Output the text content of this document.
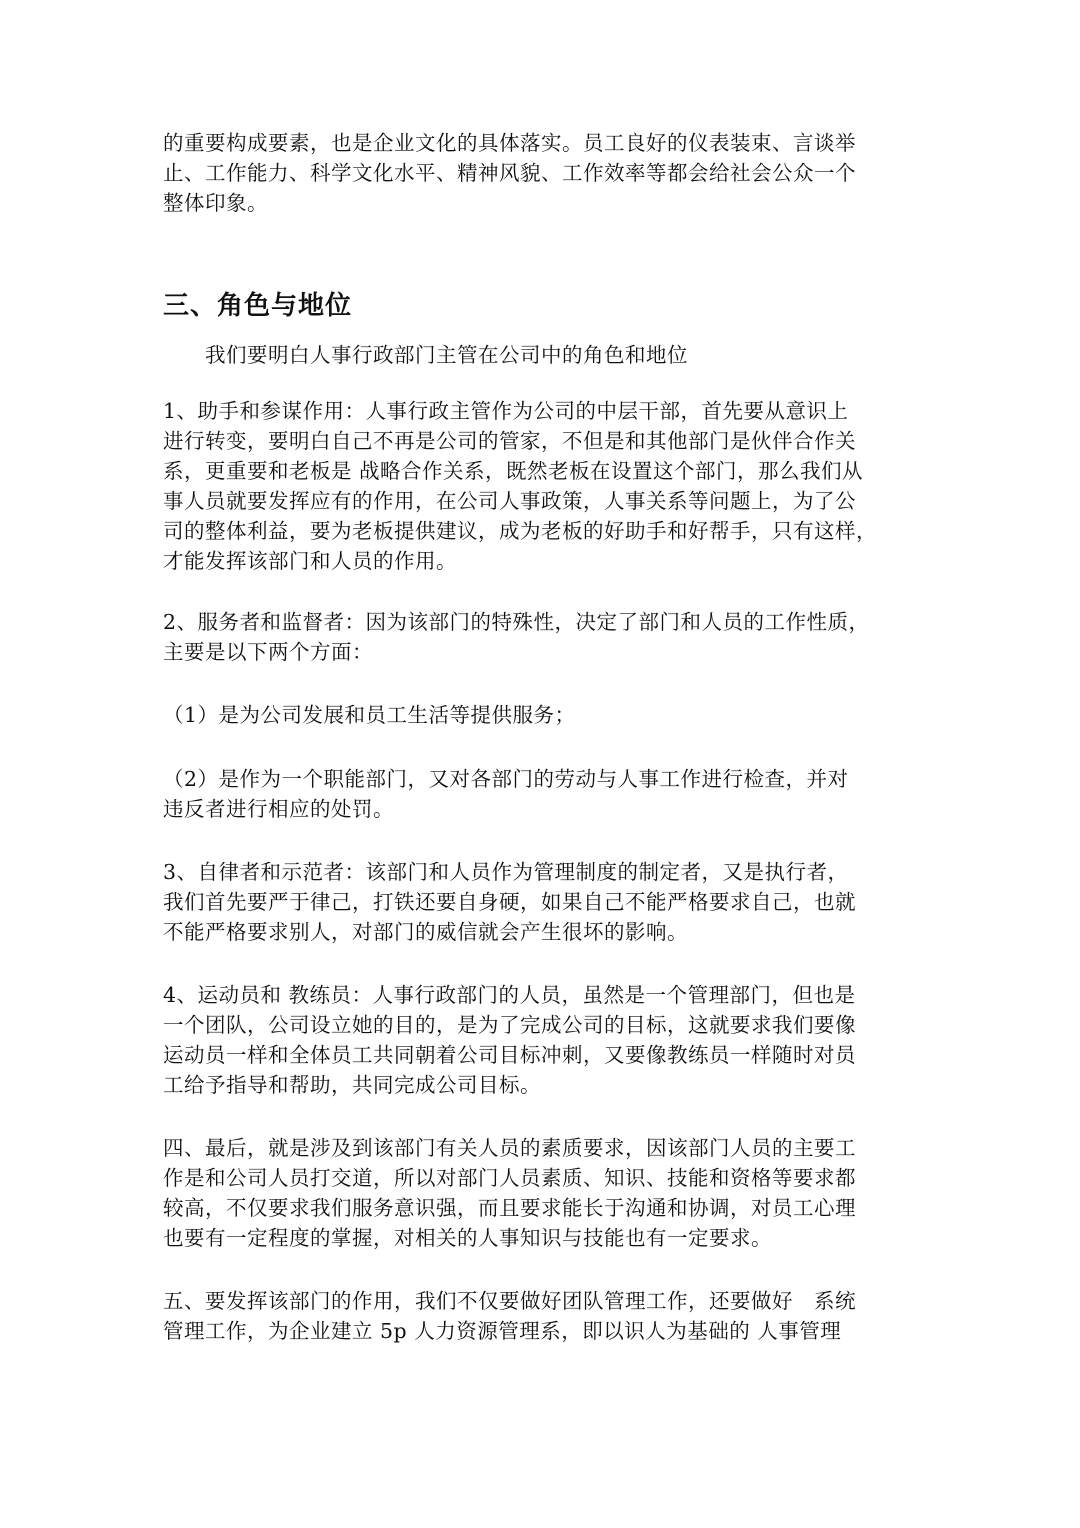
的重要构成要素，也是企业文化的具体落实。员工良好的仪表装束、言谈举
止、工作能力、科学文化水平、精神风貌、工作效率等都会给社会公众一个
整体印象。

三、角色与地位

我们要明白人事行政部门主管在公司中的角色和地位

1、助手和参谋作用：人事行政主管作为公司的中层干部，首先要从意识上
进行转变，要明白自己不再是公司的管家，不但是和其他部门是伙伴合作关
系，更重要和老板是 战略合作关系，既然老板在设置这个部门，那么我们从
事人员就要发挥应有的作用，在公司人事政策，人事关系等问题上，为了公
司的整体利益，要为老板提供建议，成为老板的好助手和好帮手，只有这样，
才能发挥该部门和人员的作用。

2、服务者和监督者：因为该部门的特殊性，决定了部门和人员的工作性质，
主要是以下两个方面：

（1）是为公司发展和员工生活等提供服务；

（2）是作为一个职能部门，又对各部门的劳动与人事工作进行检查，并对
违反者进行相应的处罚。

3、自律者和示范者：该部门和人员作为管理制度的制定者，又是执行者，
我们首先要严于律己，打铁还要自身硬，如果自己不能严格要求自己，也就
不能严格要求别人，对部门的威信就会产生很坏的影响。

4、运动员和 教练员：人事行政部门的人员，虽然是一个管理部门，但也是
一个团队，公司设立她的目的，是为了完成公司的目标，这就要求我们要像
运动员一样和全体员工共同朝着公司目标冲刺，又要像教练员一样随时对员
工给予指导和帮助，共同完成公司目标。

四、最后，就是涉及到该部门有关人员的素质要求，因该部门人员的主要工
作是和公司人员打交道，所以对部门人员素质、知识、技能和资格等要求都
较高，不仅要求我们服务意识强，而且要求能长于沟通和协调，对员工心理
也要有一定程度的掌握，对相关的人事知识与技能也有一定要求。

五、要发挥该部门的作用，我们不仅要做好团队管理工作，还要做好   系统
管理工作，为企业建立 5p 人力资源管理系，即以识人为基础的 人事管理
